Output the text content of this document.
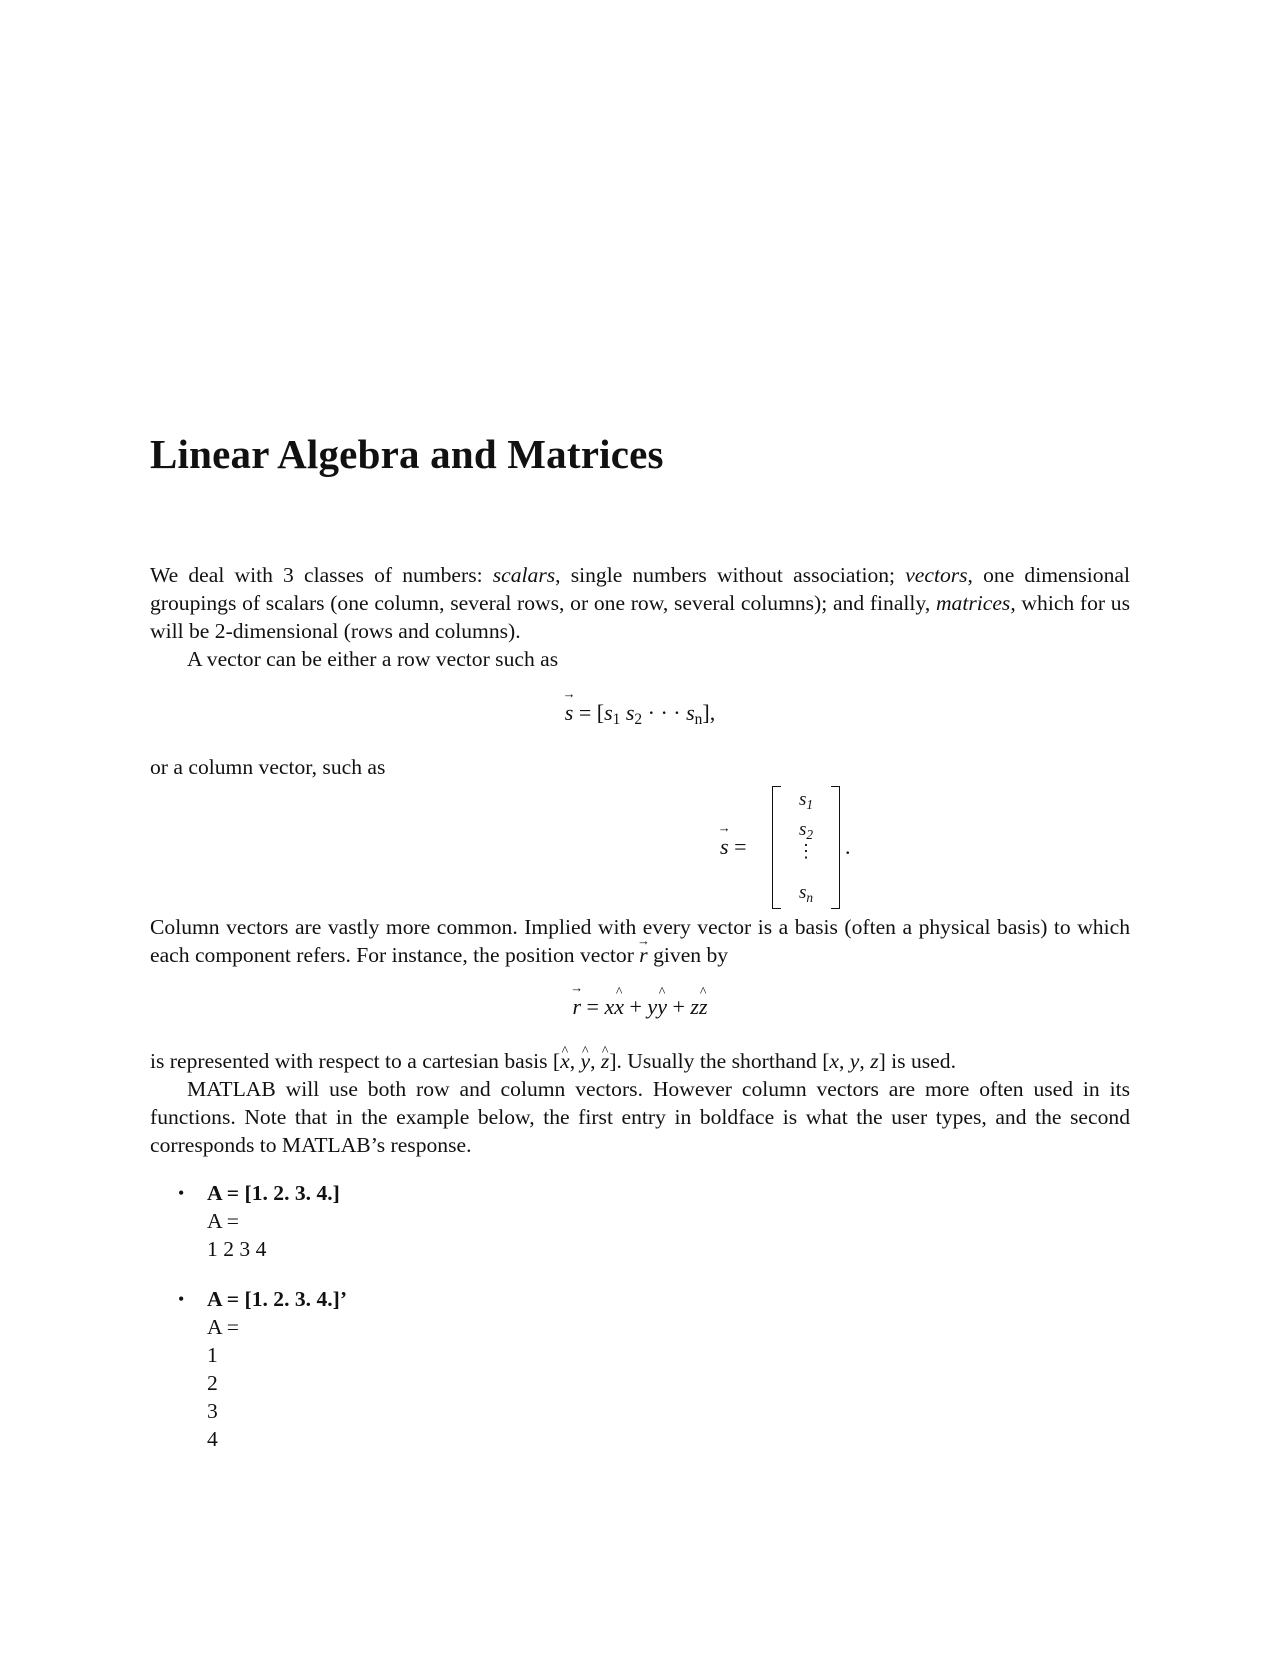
Linear Algebra and Matrices

We deal with 3 classes of numbers: scalars, single numbers without association; vectors, one dimensional groupings of scalars (one column, several rows, or one row, several columns); and finally, matrices, which for us will be 2-dimensional (rows and columns).

A vector can be either a row vector such as

s → = [$s_1$ $s_2$ · · · $s_n$],

or a column vector, such as

s → =
$s_1$
$s_2$
⋮
$s_n$
.

Column vectors are vastly more common. Implied with every vector is a basis (often a physical basis) to which each component refers. For instance, the position vector r → given by

r → = xx ^ + yy ^ + zz ^

is represented with respect to a cartesian basis [x ^, y ^, z ^]. Usually the shorthand [x, y, z] is used.

MATLAB will use both row and column vectors. However column vectors are more often used in its functions. Note that in the example below, the first entry in boldface is what the user types, and the second corresponds to MATLAB’s response.

• A = [1. 2. 3. 4.]
A =
1 2 3 4
• A = [1. 2. 3. 4.]’
A =
1
2
3
4
